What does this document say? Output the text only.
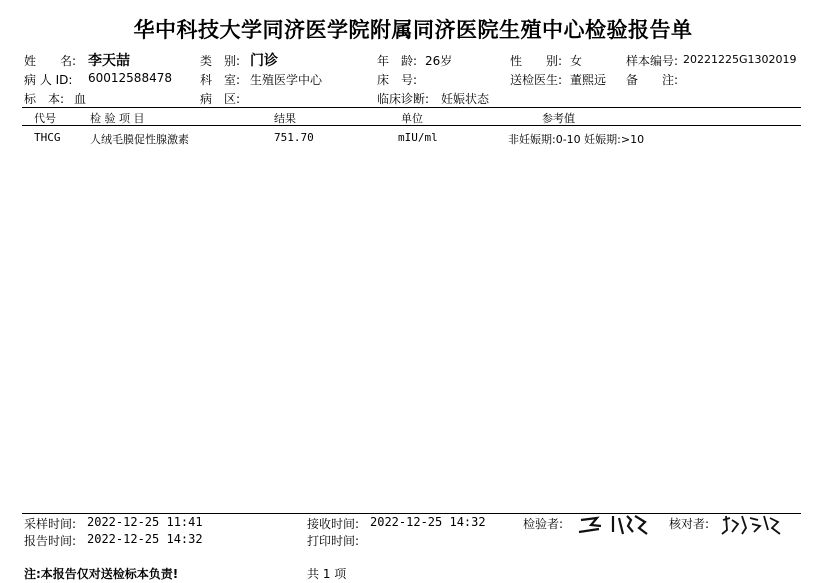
华中科技大学同济医学院附属同济医院生殖中心检验报告单
姓　　名: 李天喆	类　别: 门诊	年　龄: 26岁	性　　别: 女	样本编号: 20221225G1302019
病 人 ID: 60012588478 科　室: 生殖医学中心	床　号:	送检医生: 董熙远 备　　注:
标　本: 血	病　区:	临床诊断: 妊娠状态
代号	检 验 项 目	结果	单位	参考值
THCG	人绒毛膜促性腺激素	751.70	mIU/ml	非妊娠期:0-10 妊娠期:>10
采样时间: 2022-12-25 11:41	接收时间: 2022-12-25 14:32	检验者:	核对者:
报告时间: 2022-12-25 14:32	打印时间:
注:本报告仅对送检标本负责!	共 1 项
